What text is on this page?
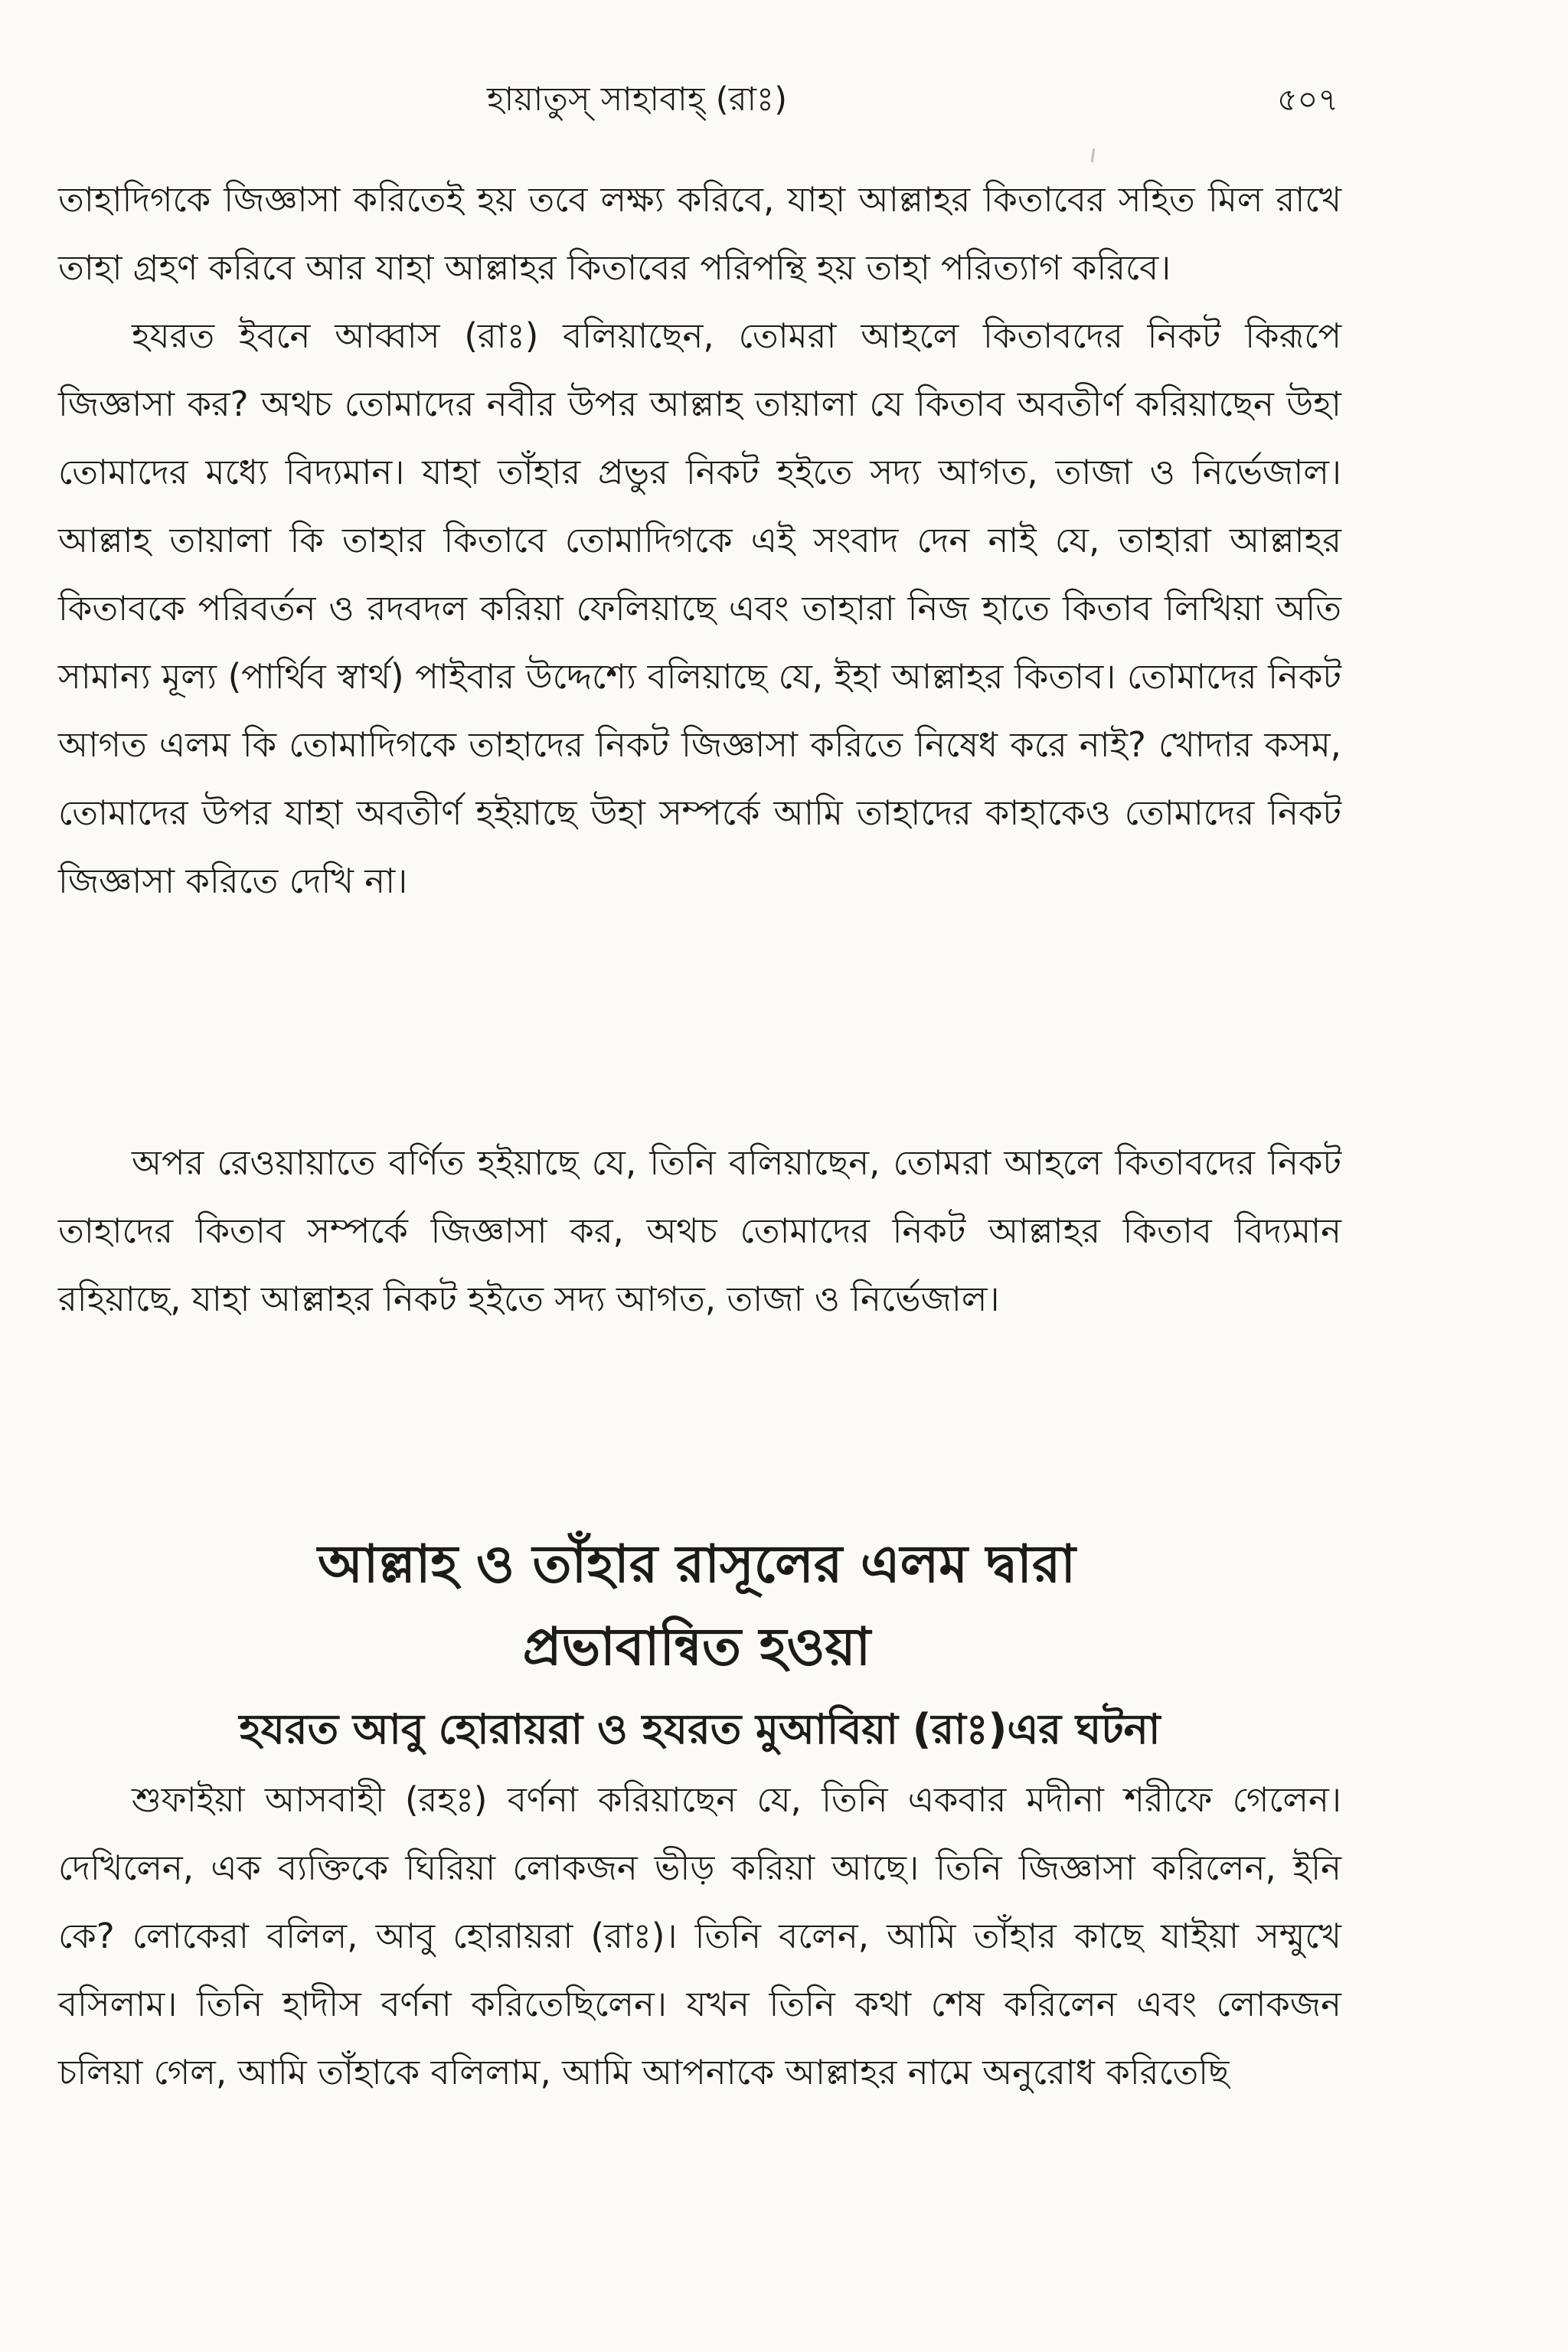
হায়াতুস্ সাহাবাহ্ (রাঃ)	৫০৭

তাহাদিগকে জিজ্ঞাসা করিতেই হয় তবে লক্ষ্য করিবে, যাহা আল্লাহর কিতাবের সহিত মিল রাখে তাহা গ্রহণ করিবে আর যাহা আল্লাহর কিতাবের পরিপন্থি হয় তাহা পরিত্যাগ করিবে।

হযরত ইবনে আব্বাস (রাঃ) বলিয়াছেন, তোমরা আহলে কিতাবদের নিকট কিরূপে জিজ্ঞাসা কর? অথচ তোমাদের নবীর উপর আল্লাহ তায়ালা যে কিতাব অবতীর্ণ করিয়াছেন উহা তোমাদের মধ্যে বিদ্যমান। যাহা তাঁহার প্রভুর নিকট হইতে সদ্য আগত, তাজা ও নির্ভেজাল। আল্লাহ তায়ালা কি তাহার কিতাবে তোমাদিগকে এই সংবাদ দেন নাই যে, তাহারা আল্লাহর কিতাবকে পরিবর্তন ও রদবদল করিয়া ফেলিয়াছে এবং তাহারা নিজ হাতে কিতাব লিখিয়া অতি সামান্য মূল্য (পার্থিব স্বার্থ) পাইবার উদ্দেশ্যে বলিয়াছে যে, ইহা আল্লাহর কিতাব। তোমাদের নিকট আগত এলম কি তোমাদিগকে তাহাদের নিকট জিজ্ঞাসা করিতে নিষেধ করে নাই? খোদার কসম, তোমাদের উপর যাহা অবতীর্ণ হইয়াছে উহা সম্পর্কে আমি তাহাদের কাহাকেও তোমাদের নিকট জিজ্ঞাসা করিতে দেখি না।

অপর রেওয়ায়াতে বর্ণিত হইয়াছে যে, তিনি বলিয়াছেন, তোমরা আহলে কিতাবদের নিকট তাহাদের কিতাব সম্পর্কে জিজ্ঞাসা কর, অথচ তোমাদের নিকট আল্লাহর কিতাব বিদ্যমান রহিয়াছে, যাহা আল্লাহর নিকট হইতে সদ্য আগত, তাজা ও নির্ভেজাল।

আল্লাহ ও তাঁহার রাসূলের এলম দ্বারা
প্রভাবান্বিত হওয়া
হযরত আবু হোরায়রা ও হযরত মুআবিয়া (রাঃ)এর ঘটনা

শুফাইয়া আসবাহী (রহঃ) বর্ণনা করিয়াছেন যে, তিনি একবার মদীনা শরীফে গেলেন। দেখিলেন, এক ব্যক্তিকে ঘিরিয়া লোকজন ভীড় করিয়া আছে। তিনি জিজ্ঞাসা করিলেন, ইনি কে? লোকেরা বলিল, আবু হোরায়রা (রাঃ)। তিনি বলেন, আমি তাঁহার কাছে যাইয়া সম্মুখে বসিলাম। তিনি হাদীস বর্ণনা করিতেছিলেন। যখন তিনি কথা শেষ করিলেন এবং লোকজন চলিয়া গেল, আমি তাঁহাকে বলিলাম, আমি আপনাকে আল্লাহর নামে অনুরোধ করিতেছি
